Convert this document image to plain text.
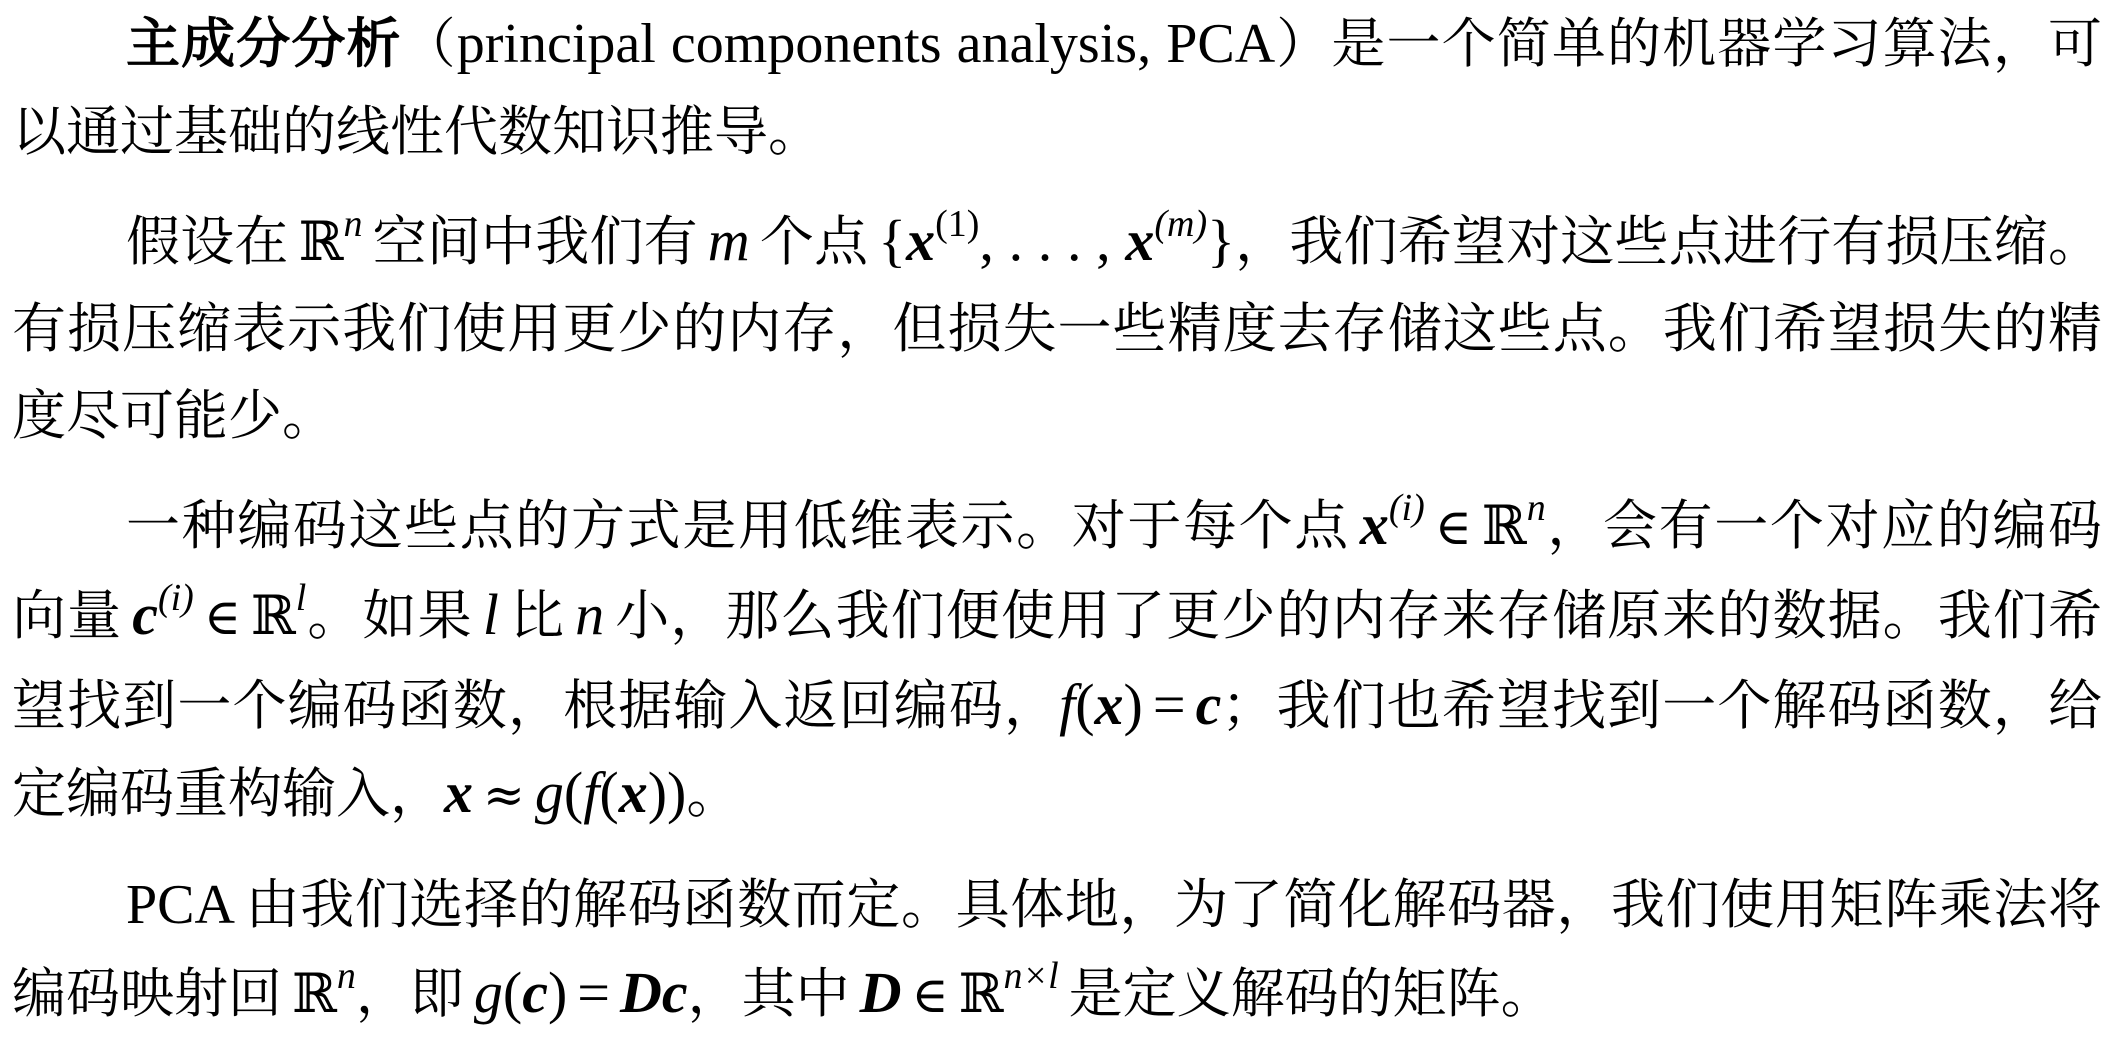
主成分分析（principal components analysis, PCA）是一个简单的机器学习算法，可以通过基础的线性代数知识推导。

假设在 ℝ$^n$ 空间中我们有 m 个点 {$x^{(1)}$, . . . , $x^{(m)}$}，我们希望对这些点进行有损压缩。有损压缩表示我们使用更少的内存，但损失一些精度去存储这些点。我们希望损失的精度尽可能少。

一种编码这些点的方式是用低维表示。对于每个点 $x^{(i)}$ ∈ ℝ$^n$，会有一个对应的编码向量 $c^{(i)}$ ∈ ℝ$^l$。如果 l 比 n 小，那么我们便使用了更少的内存来存储原来的数据。我们希望找到一个编码函数，根据输入返回编码，f(x) = c；我们也希望找到一个解码函数，给定编码重构输入，x ≈ g(f(x))。

PCA 由我们选择的解码函数而定。具体地，为了简化解码器，我们使用矩阵乘法将编码映射回 ℝ$^n$，即 g(c) = Dc，其中 D ∈ ℝ$^{n\times l}$ 是定义解码的矩阵。
